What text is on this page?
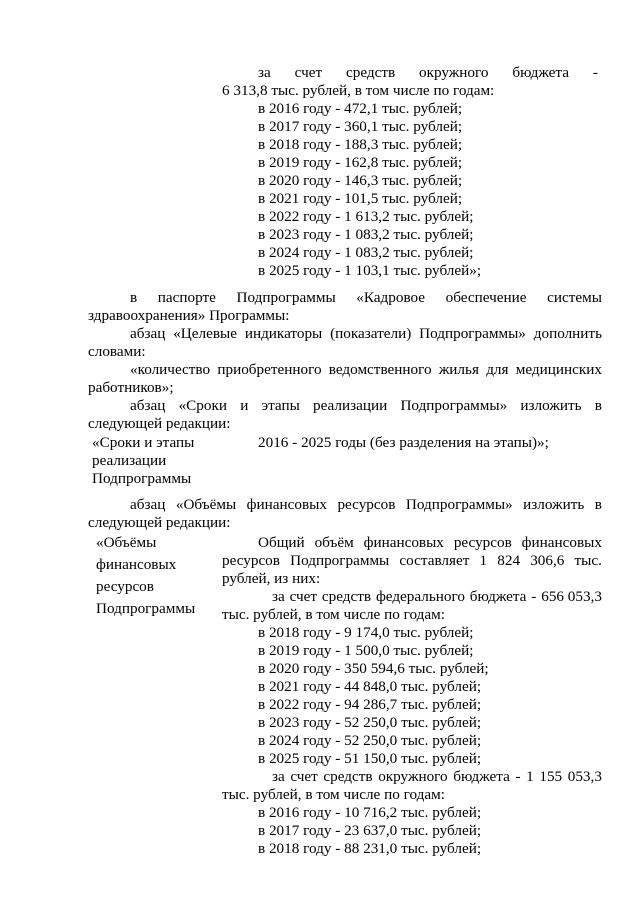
за счет средств окружного бюджета -
6 313,8 тыс. рублей, в том числе по годам:
в 2016 году - 472,1 тыс. рублей;
в 2017 году - 360,1 тыс. рублей;
в 2018 году - 188,3 тыс. рублей;
в 2019 году - 162,8 тыс. рублей;
в 2020 году - 146,3 тыс. рублей;
в 2021 году - 101,5 тыс. рублей;
в 2022 году - 1 613,2 тыс. рублей;
в 2023 году - 1 083,2 тыс. рублей;
в 2024 году - 1 083,2 тыс. рублей;
в 2025 году - 1 103,1 тыс. рублей»;
в паспорте Подпрограммы «Кадровое обеспечение системы
здравоохранения» Программы:
абзац «Целевые индикаторы (показатели) Подпрограммы» дополнить
словами:
«количество приобретенного ведомственного жилья для медицинских
работников»;
абзац «Сроки и этапы реализации Подпрограммы» изложить в
следующей редакции:
«Сроки и этапы
реализации
Подпрограммы
2016 - 2025 годы (без разделения на этапы)»;
абзац «Объёмы финансовых ресурсов Подпрограммы» изложить в
следующей редакции:
«Объёмы
финансовых
ресурсов
Подпрограммы
Общий объём финансовых ресурсов финансовых
ресурсов Подпрограммы составляет 1 824 306,6 тыс.
рублей, из них:
за счет средств федерального бюджета - 656 053,3
тыс. рублей, в том числе по годам:
в 2018 году - 9 174,0 тыс. рублей;
в 2019 году - 1 500,0 тыс. рублей;
в 2020 году - 350 594,6 тыс. рублей;
в 2021 году - 44 848,0 тыс. рублей;
в 2022 году - 94 286,7 тыс. рублей;
в 2023 году - 52 250,0 тыс. рублей;
в 2024 году - 52 250,0 тыс. рублей;
в 2025 году - 51 150,0 тыс. рублей;
за счет средств окружного бюджета - 1 155 053,3
тыс. рублей, в том числе по годам:
в 2016 году - 10 716,2 тыс. рублей;
в 2017 году - 23 637,0 тыс. рублей;
в 2018 году - 88 231,0 тыс. рублей;
